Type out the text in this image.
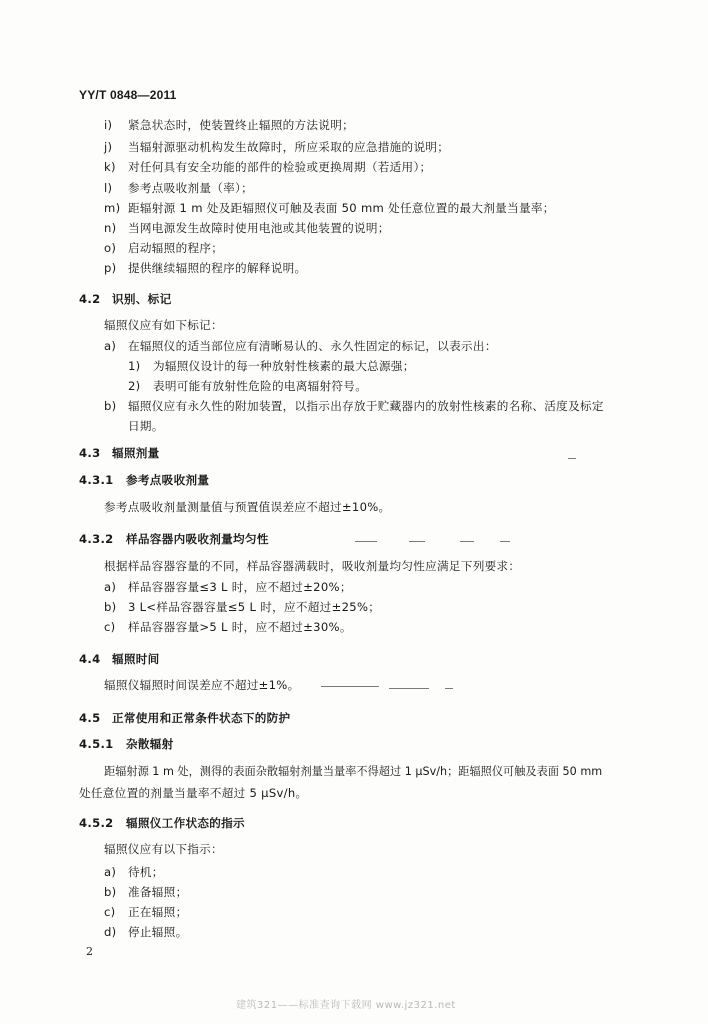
YY/T 0848—2011
i) 紧急状态时，使装置终止辐照的方法说明；
j) 当辐射源驱动机构发生故障时，所应采取的应急措施的说明；
k) 对任何具有安全功能的部件的检验或更换周期（若适用）；
l) 参考点吸收剂量（率）；
m) 距辐射源 1 m 处及距辐照仪可触及表面 50 mm 处任意位置的最大剂量当量率；
n) 当网电源发生故障时使用电池或其他装置的说明；
o) 启动辐照的程序；
p) 提供继续辐照的程序的解释说明。
4.2 识别、标记
辐照仪应有如下标记：
a) 在辐照仪的适当部位应有清晰易认的、永久性固定的标记，以表示出：
1) 为辐照仪设计的每一种放射性核素的最大总源强；
2) 表明可能有放射性危险的电离辐射符号。
b) 辐照仪应有永久性的附加装置，以指示出存放于贮藏器内的放射性核素的名称、活度及标定
日期。
4.3 辐照剂量
4.3.1 参考点吸收剂量
参考点吸收剂量测量值与预置值误差应不超过±10%。
4.3.2 样品容器内吸收剂量均匀性
根据样品容器容量的不同，样品容器满载时，吸收剂量均匀性应满足下列要求：
a) 样品容器容量≤3 L 时，应不超过±20%；
b) 3 L<样品容器容量≤5 L 时，应不超过±25%；
c) 样品容器容量>5 L 时，应不超过±30%。
4.4 辐照时间
辐照仪辐照时间误差应不超过±1%。
4.5 正常使用和正常条件状态下的防护
4.5.1 杂散辐射
距辐射源 1 m 处，测得的表面杂散辐射剂量当量率不得超过 1 μSv/h；距辐照仪可触及表面 50 mm
处任意位置的剂量当量率不超过 5 μSv/h。
4.5.2 辐照仪工作状态的指示
辐照仪应有以下指示：
a) 待机；
b) 准备辐照；
c) 正在辐照；
d) 停止辐照。
2
建筑321——标准查询下载网 www.jz321.net
